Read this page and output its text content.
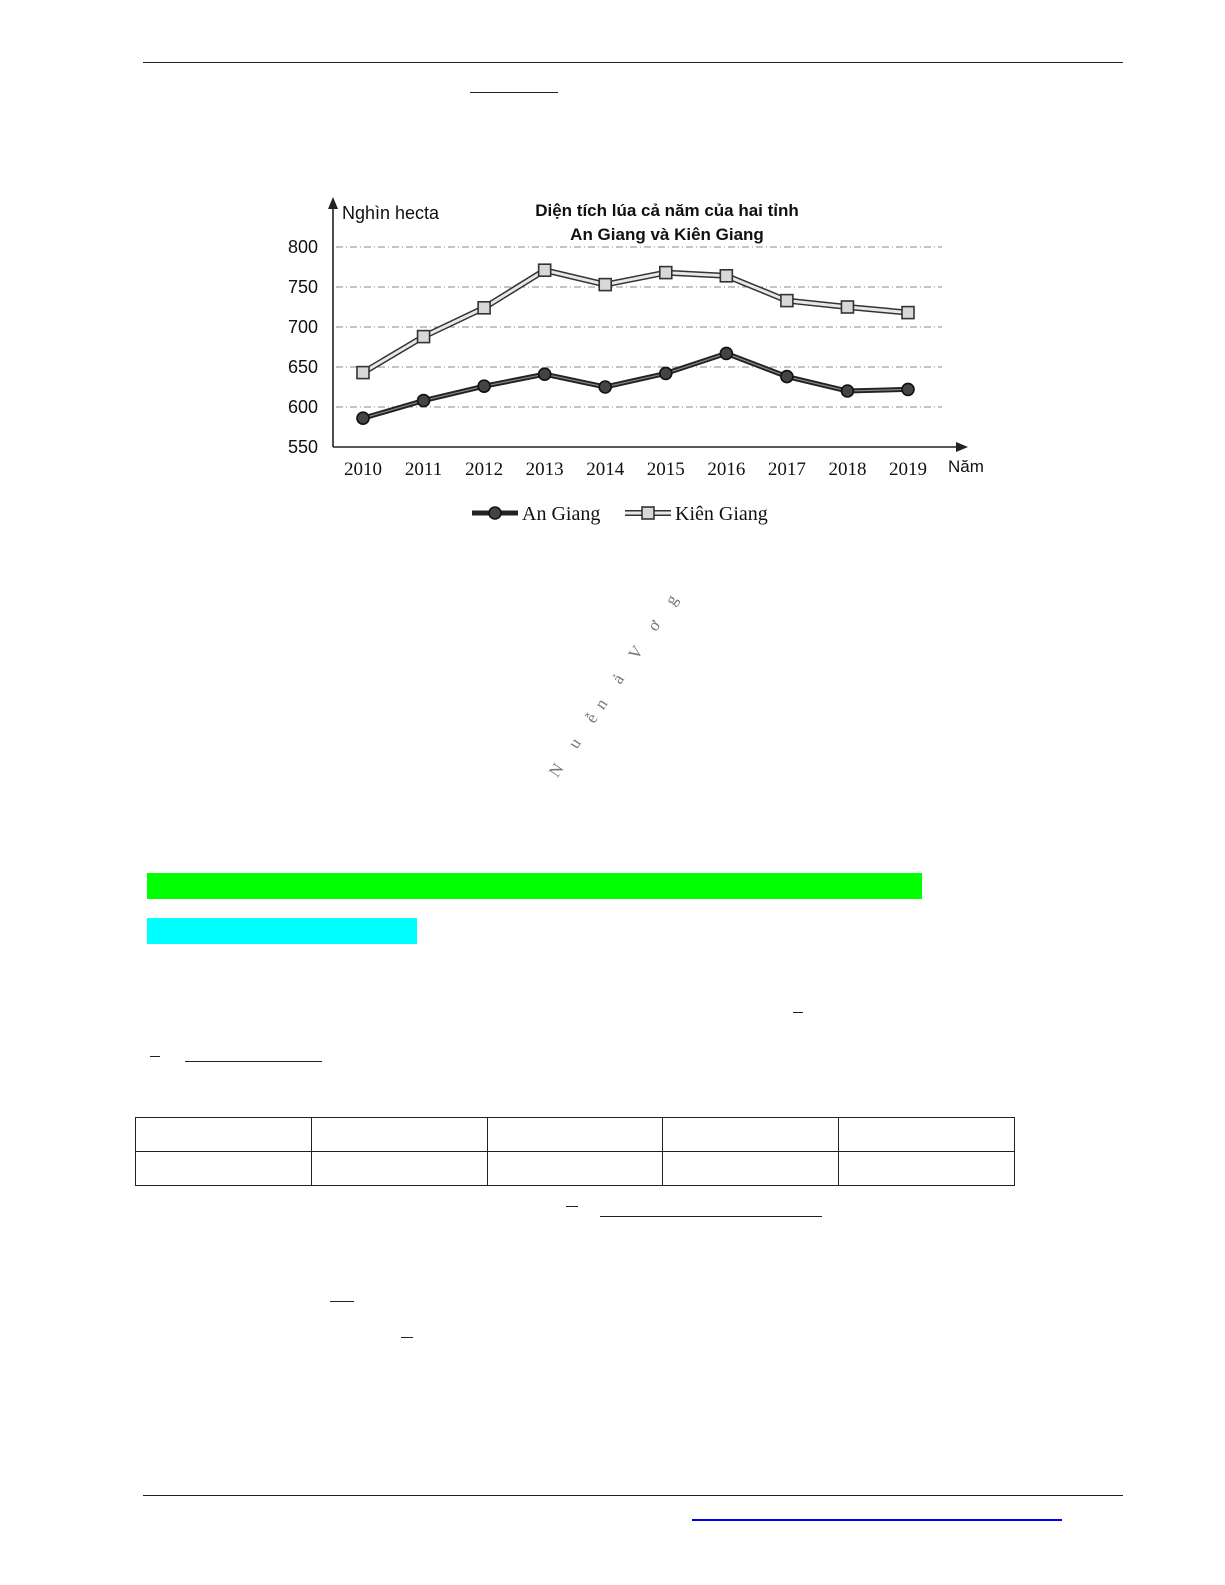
Nghìn hecta
Năm
Diện tích lúa cả năm của hai tỉnh
An Giang và Kiên Giang
800
750
700
650
600
550
2010 2011 2012 2013 2014 2015 2016 2017 2018 2019
An Giang	Kiên Giang
N u ễn ả V ơ g
